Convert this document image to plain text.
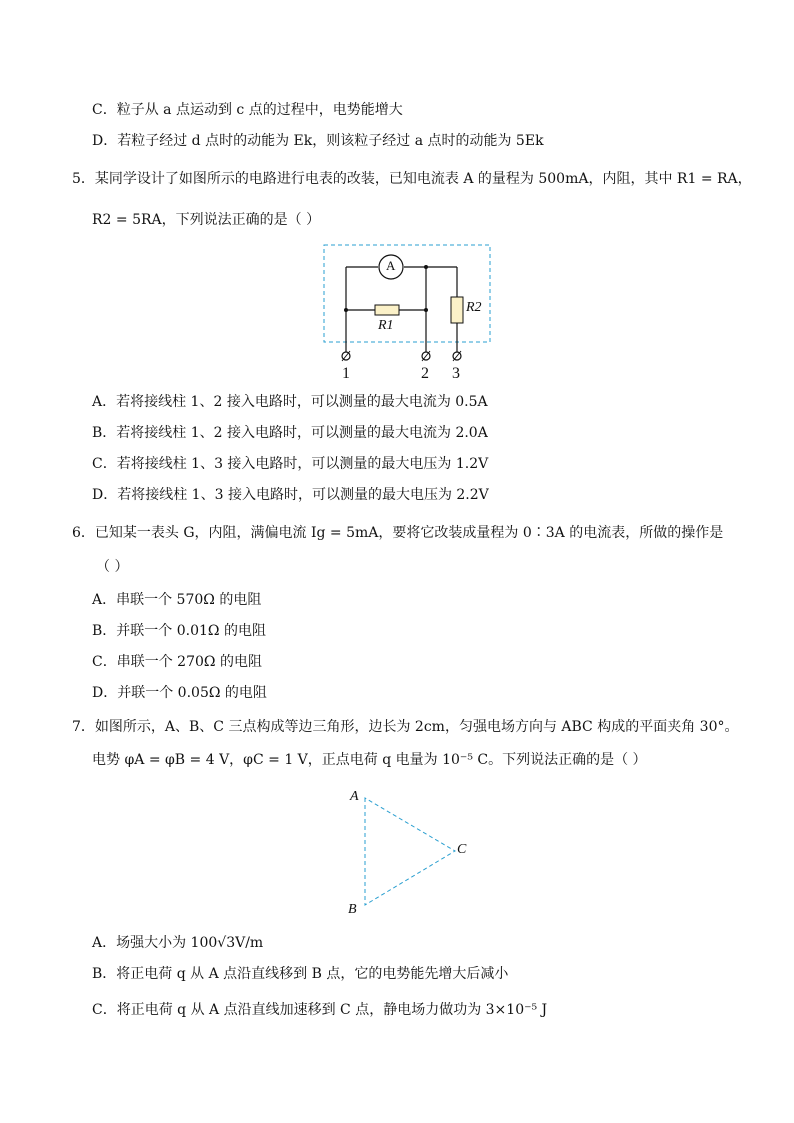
C．粒子从 a 点运动到 c 点的过程中，电势能增大
D．若粒子经过 d 点时的动能为 Ek，则该粒子经过 a 点时的动能为 5Ek
5．某同学设计了如图所示的电路进行电表的改装，已知电流表 A 的量程为 500mA，内阻，其中 R1 = RA，
R2 = 5RA，下列说法正确的是（ ）
A
R1
R2
1	2 3
A．若将接线柱 1、2 接入电路时，可以测量的最大电流为 0.5A
B．若将接线柱 1、2 接入电路时，可以测量的最大电流为 2.0A
C．若将接线柱 1、3 接入电路时，可以测量的最大电压为 1.2V
D．若将接线柱 1、3 接入电路时，可以测量的最大电压为 2.2V
6．已知某一表头 G，内阻，满偏电流 Ig = 5mA，要将它改装成量程为 0∶3A 的电流表，所做的操作是
（ ）
A．串联一个 570Ω 的电阻
B．并联一个 0.01Ω 的电阻
C．串联一个 270Ω 的电阻
D．并联一个 0.05Ω 的电阻
7．如图所示，A、B、C 三点构成等边三角形，边长为 2cm，匀强电场方向与 ABC 构成的平面夹角 30°。
电势 φA = φB = 4 V，φC = 1 V，正点电荷 q 电量为 10⁻⁵ C。下列说法正确的是（ ）
A
B
C
A．场强大小为 100√3V/m
B．将正电荷 q 从 A 点沿直线移到 B 点，它的电势能先增大后减小
C．将正电荷 q 从 A 点沿直线加速移到 C 点，静电场力做功为 3×10⁻⁵ J
